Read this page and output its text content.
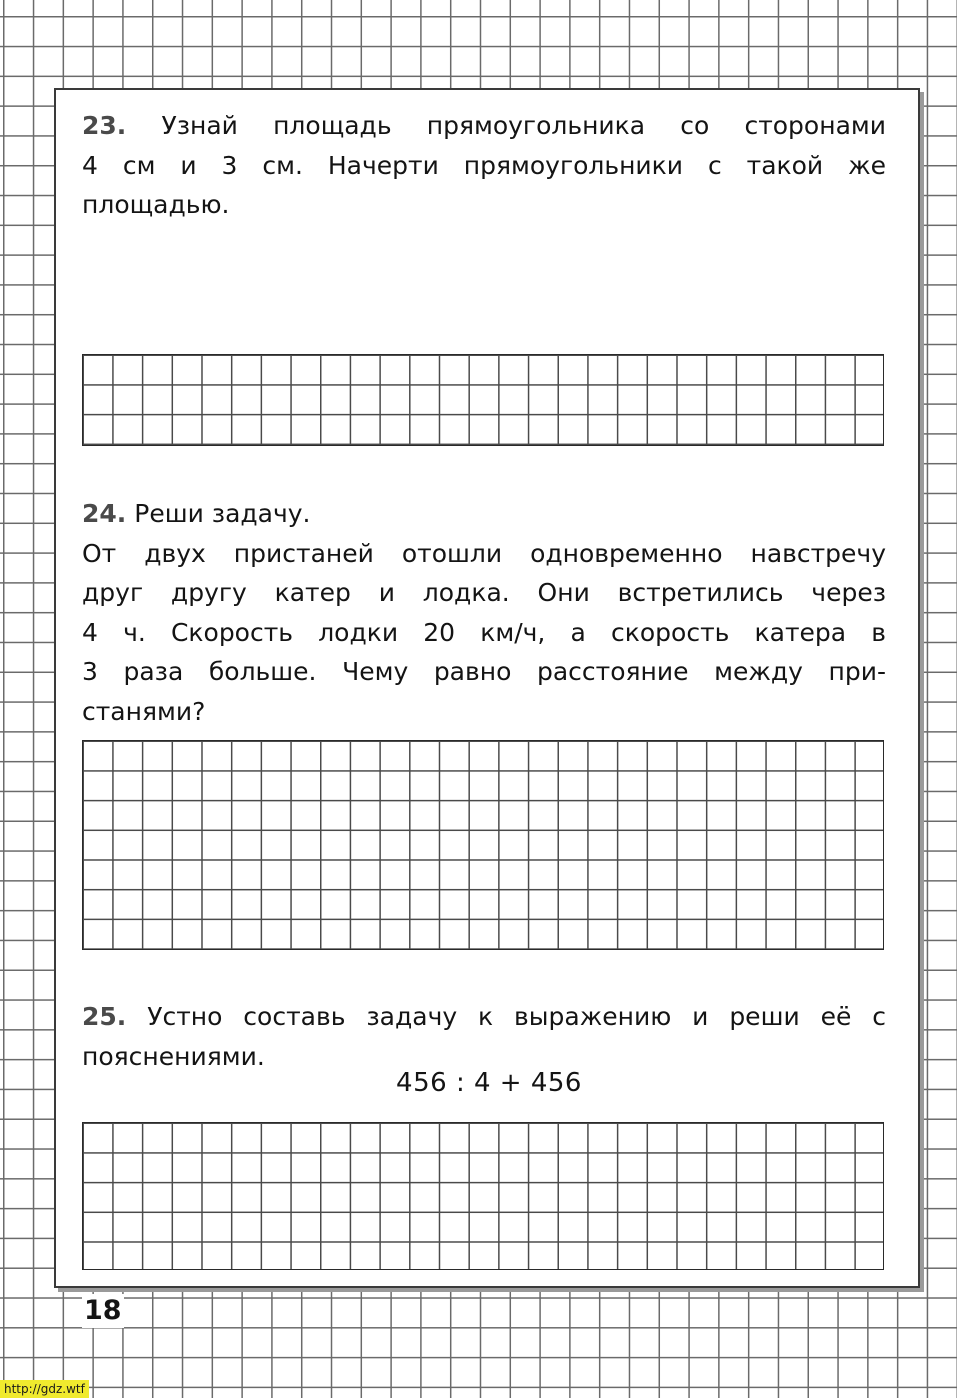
23. Узнай площадь прямоугольника со сторонами

4 см и 3 см. Начерти прямоугольники с такой же

площадью.

24. Реши задачу.

От двух пристаней отошли одновременно навстречу

друг другу катер и лодка. Они встретились через

4 ч. Скорость лодки 20 км/ч, а скорость катера в

3 раза больше. Чему равно расстояние между при-

станями?

25. Устно составь задачу к выражению и реши её с

пояснениями.

456 : 4 + 456
18
http://gdz.wtf
